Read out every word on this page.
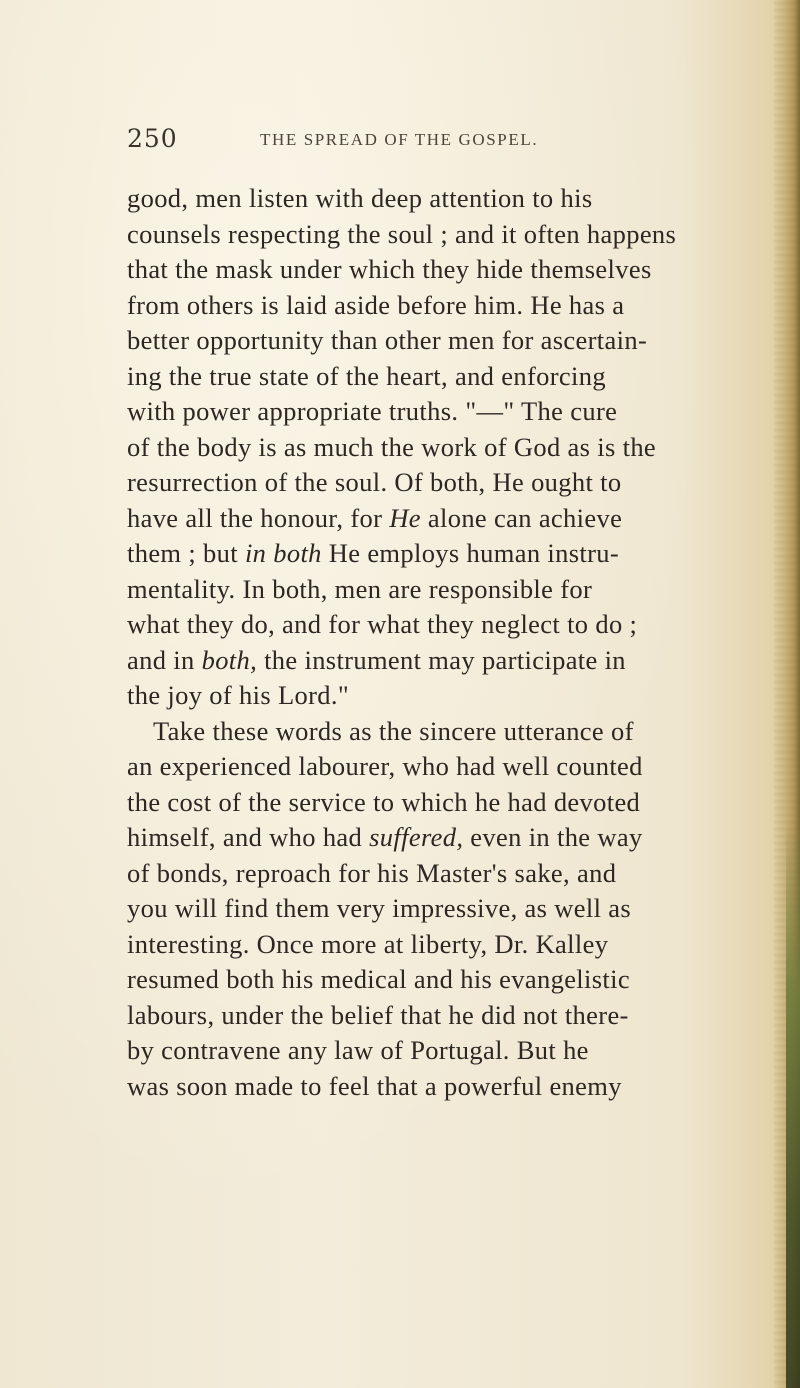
250	THE SPREAD OF THE GOSPEL.
good, men listen with deep attention to his
counsels respecting the soul ; and it often happens
that the mask under which they hide themselves
from others is laid aside before him. He has a
better opportunity than other men for ascertain-
ing the true state of the heart, and enforcing
with power appropriate truths. "—" The cure
of the body is as much the work of God as is the
resurrection of the soul. Of both, He ought to
have all the honour, for He alone can achieve
them ; but in both He employs human instru-
mentality. In both, men are responsible for
what they do, and for what they neglect to do ;
and in both, the instrument may participate in
the joy of his Lord."
Take these words as the sincere utterance of
an experienced labourer, who had well counted
the cost of the service to which he had devoted
himself, and who had suffered, even in the way
of bonds, reproach for his Master's sake, and
you will find them very impressive, as well as
interesting. Once more at liberty, Dr. Kalley
resumed both his medical and his evangelistic
labours, under the belief that he did not there-
by contravene any law of Portugal. But he
was soon made to feel that a powerful enemy
